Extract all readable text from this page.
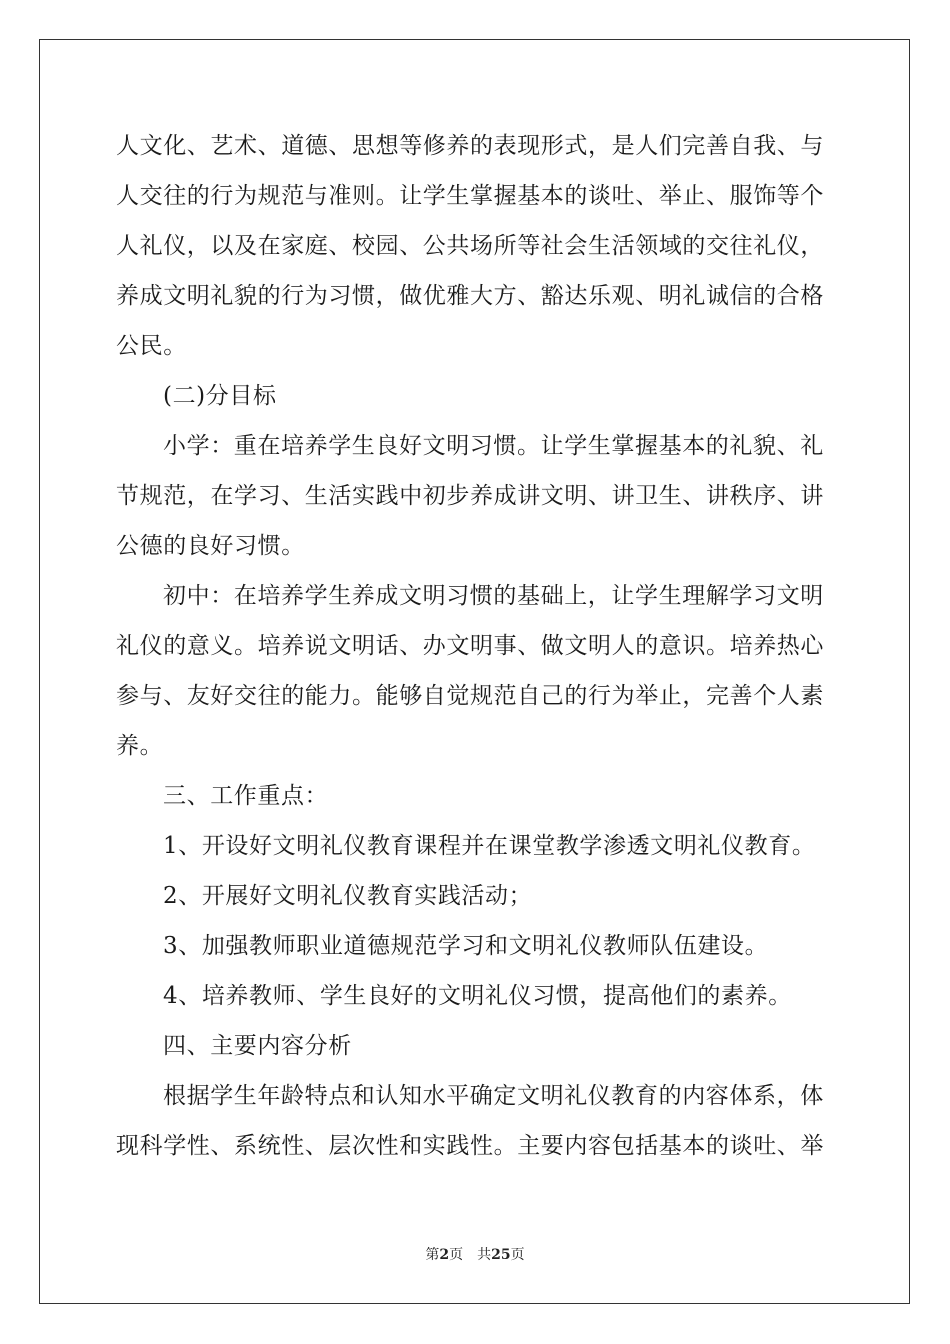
人文化、艺术、道德、思想等修养的表现形式，是人们完善自我、与
人交往的行为规范与准则。让学生掌握基本的谈吐、举止、服饰等个
人礼仪，以及在家庭、校园、公共场所等社会生活领域的交往礼仪，
养成文明礼貌的行为习惯，做优雅大方、豁达乐观、明礼诚信的合格
公民。
(二)分目标
小学：重在培养学生良好文明习惯。让学生掌握基本的礼貌、礼
节规范，在学习、生活实践中初步养成讲文明、讲卫生、讲秩序、讲
公德的良好习惯。
初中：在培养学生养成文明习惯的基础上，让学生理解学习文明
礼仪的意义。培养说文明话、办文明事、做文明人的意识。培养热心
参与、友好交往的能力。能够自觉规范自己的行为举止，完善个人素
养。
三、工作重点：
1、开设好文明礼仪教育课程并在课堂教学渗透文明礼仪教育。
2、开展好文明礼仪教育实践活动；
3、加强教师职业道德规范学习和文明礼仪教师队伍建设。
4、培养教师、学生良好的文明礼仪习惯，提高他们的素养。
四、主要内容分析
根据学生年龄特点和认知水平确定文明礼仪教育的内容体系，体
现科学性、系统性、层次性和实践性。主要内容包括基本的谈吐、举
第2页 共25页
